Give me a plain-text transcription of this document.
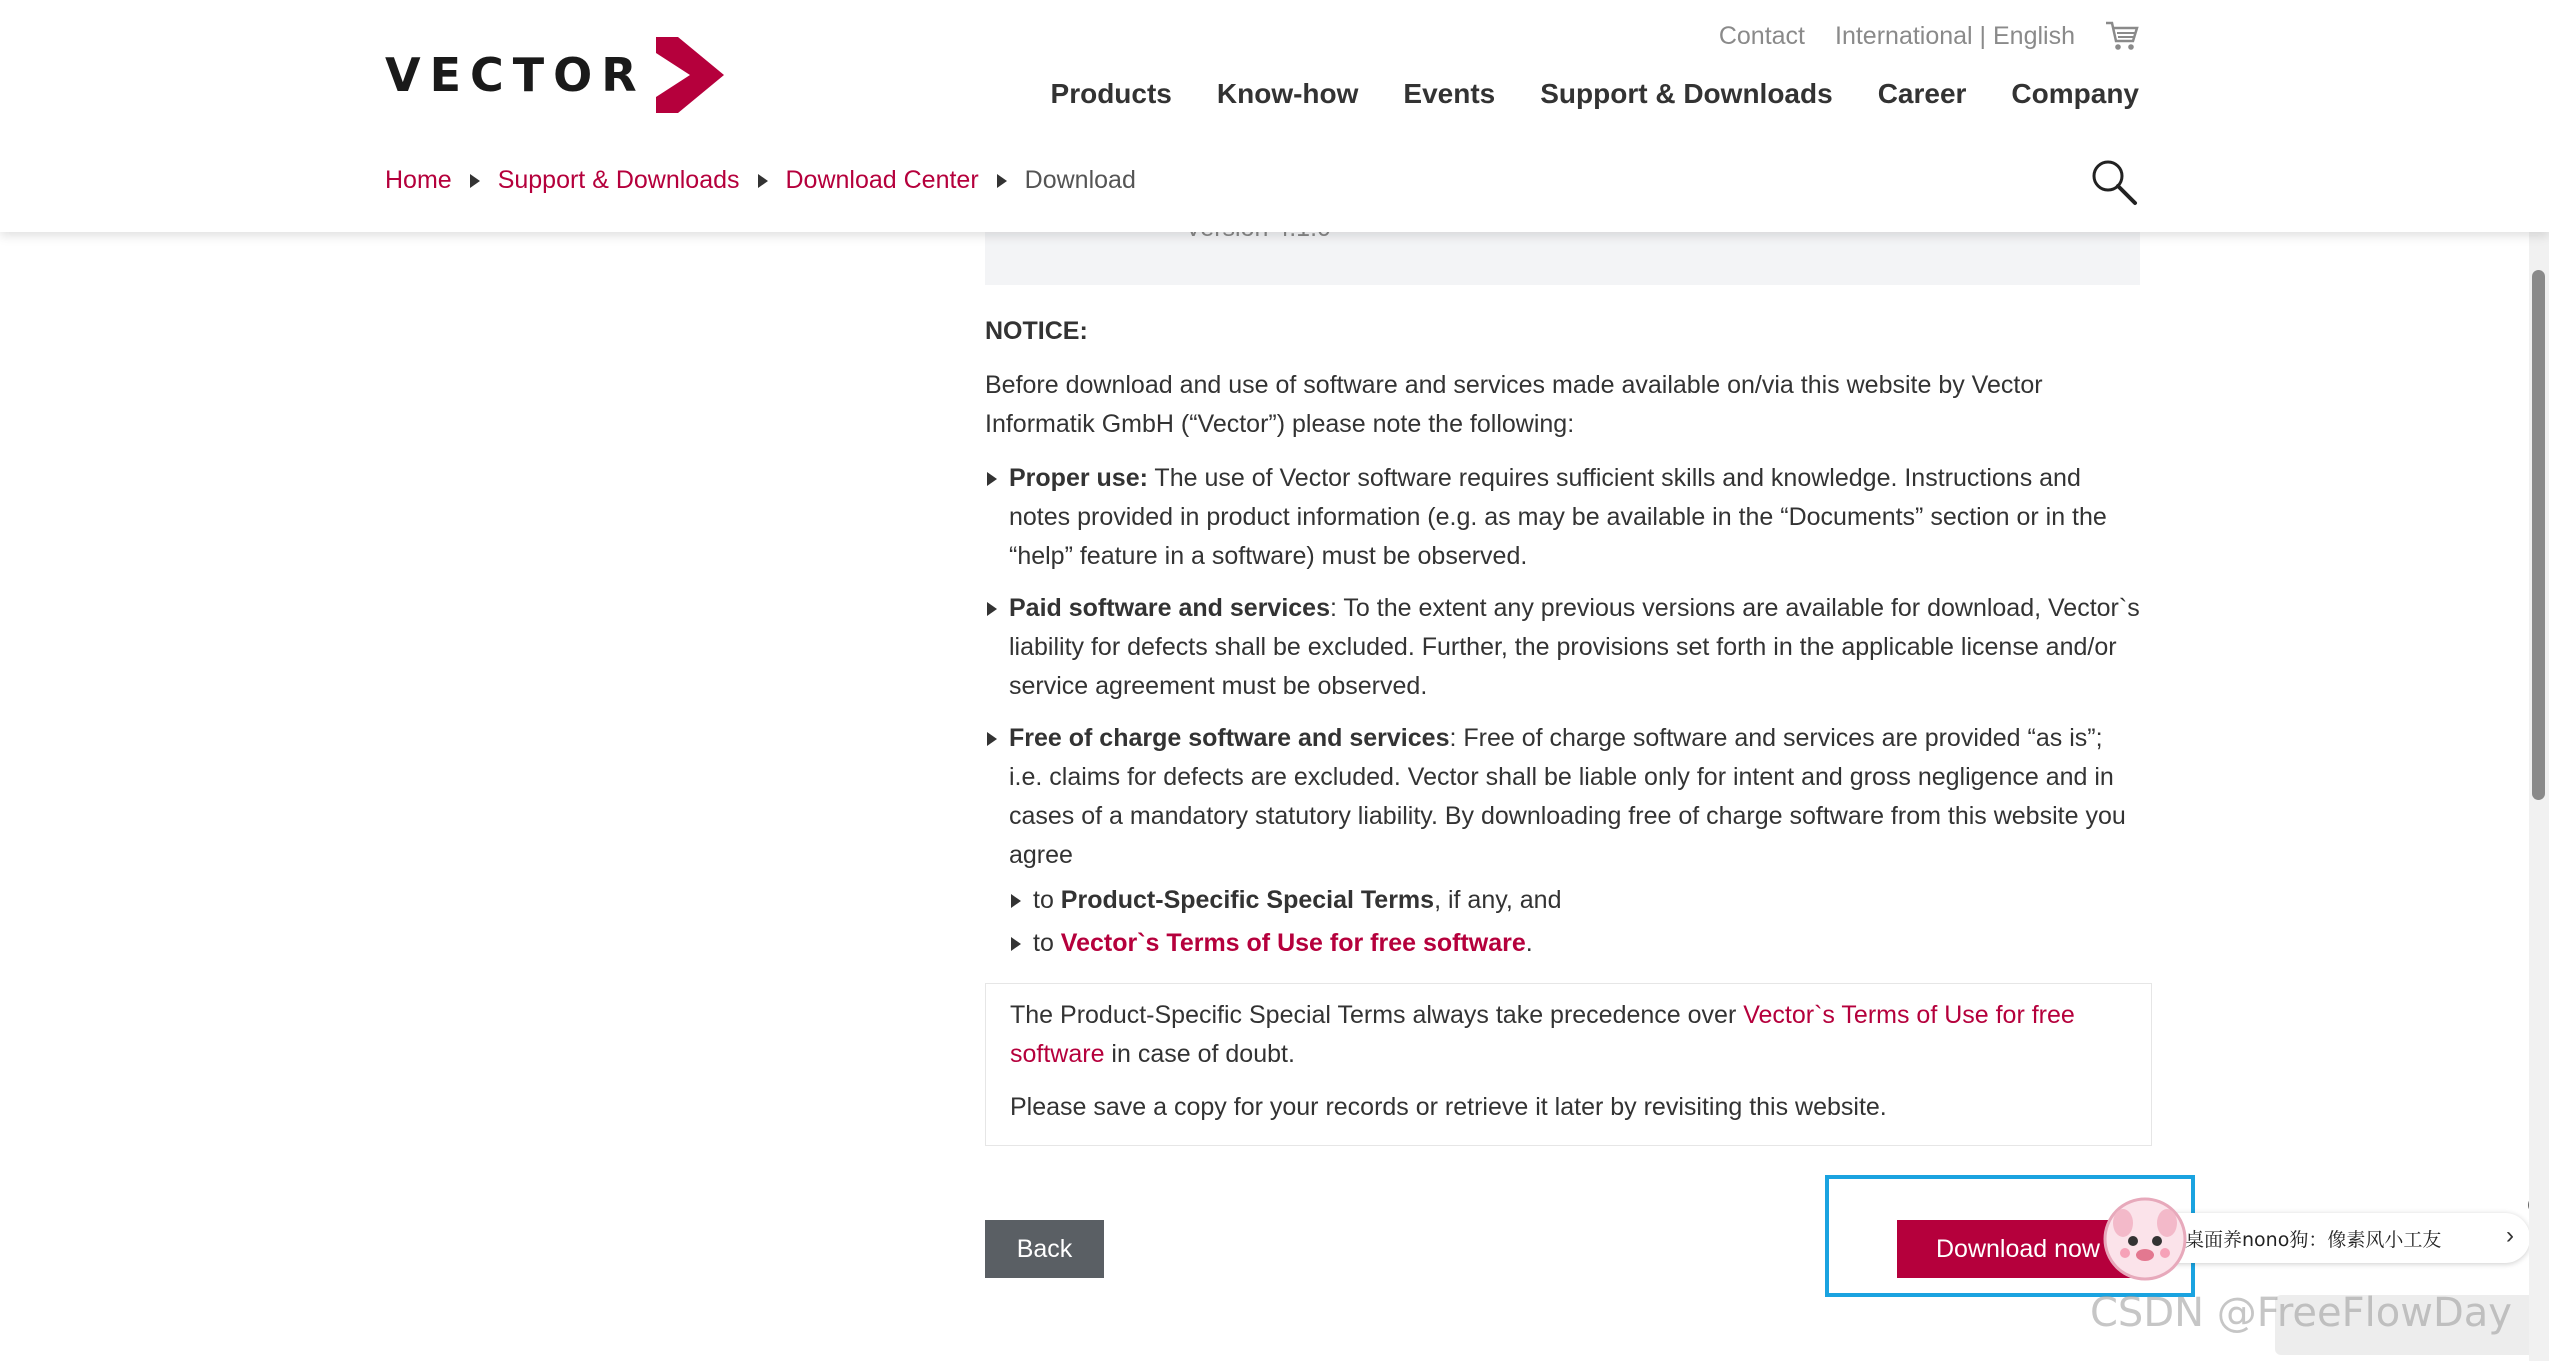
VECTOR
Contact International | English
Products Know-how Events Support & Downloads Career Company
Home Support & Downloads Download Center Download

NOTICE:

Before download and use of software and services made available on/via this website by Vector Informatik GmbH (“Vector”) please note the following:

Proper use: The use of Vector software requires sufficient skills and knowledge. Instructions and notes provided in product information (e.g. as may be available in the “Documents” section or in the “help” feature in a software) must be observed.
Paid software and services: To the extent any previous versions are available for download, Vector`s liability for defects shall be excluded. Further, the provisions set forth in the applicable license and/or service agreement must be observed.
Free of charge software and services: Free of charge software and services are provided “as is”; i.e. claims for defects are excluded. Vector shall be liable only for intent and gross negligence and in cases of a mandatory statutory liability. By downloading free of charge software from this website you agree
to Product-Specific Special Terms, if any, and
to Vector`s Terms of Use for free software.

The Product-Specific Special Terms always take precedence over Vector`s Terms of Use for free software in case of doubt.

Please save a copy for your records or retrieve it later by revisiting this website.

Back	Download now	桌面养nono狗：像素风小工友	›
CSDN @FreeFlowDay
